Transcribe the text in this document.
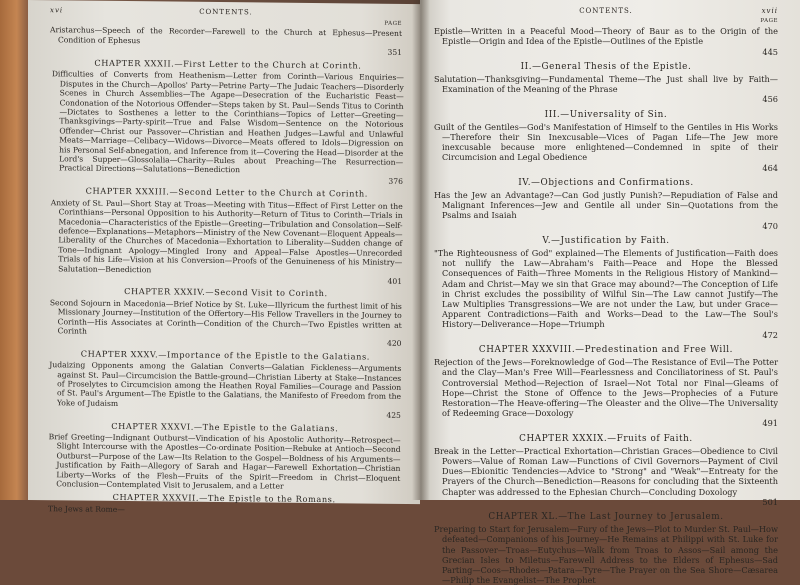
xvi	CONTENTS.
PAGE
Aristarchus—Speech of the Recorder—Farewell to the Church at Ephesus—Present Condition of Ephesus
351
CHAPTER XXXII.—First Letter to the Church at Corinth.
Difficulties of Converts from Heathenism—Letter from Corinth—Various Enquiries—Disputes in the Church—Apollos' Party—Petrine Party—The Judaic Teachers—Disorderly Scenes in Church Assemblies—The Agape—Desecration of the Eucharistic Feast—Condonation of the Notorious Offender—Steps taken by St. Paul—Sends Titus to Corinth—Dictates to Sosthenes a letter to the Corinthians—Topics of Letter—Greeting—Thanksgivings—Party-spirit—True and False Wisdom—Sentence on the Notorious Offender—Christ our Passover—Christian and Heathen Judges—Lawful and Unlawful Meats—Marriage—Celibacy—Widows—Divorce—Meats offered to Idols—Digression on his Personal Self-abnegation, and Inference from it—Covering the Head—Disorder at the Lord's Supper—Glossolalia—Charity—Rules about Preaching—The Resurrection—Practical Directions—Salutations—Benediction
376
CHAPTER XXXIII.—Second Letter to the Church at Corinth.
Anxiety of St. Paul—Short Stay at Troas—Meeting with Titus—Effect of First Letter on the Corinthians—Personal Opposition to his Authority—Return of Titus to Corinth—Trials in Macedonia—Characteristics of the Epistle—Greeting—Tribulation and Consolation—Self-defence—Explanations—Metaphors—Ministry of the New Covenant—Eloquent Appeals—Liberality of the Churches of Macedonia—Exhortation to Liberality—Sudden change of Tone—Indignant Apology—Mingled Irony and Appeal—False Apostles—Unrecorded Trials of his Life—Vision at his Conversion—Proofs of the Genuineness of his Ministry—Salutation—Benediction
401
CHAPTER XXXIV.—Second Visit to Corinth.
Second Sojourn in Macedonia—Brief Notice by St. Luke—Illyricum the furthest limit of his Missionary Journey—Institution of the Offertory—His Fellow Travellers in the Journey to Corinth—His Associates at Corinth—Condition of the Church—Two Epistles written at Corinth
420
CHAPTER XXXV.—Importance of the Epistle to the Galatians.
Judaizing Opponents among the Galatian Converts—Galatian Fickleness—Arguments against St. Paul—Circumcision the Battle-ground—Christian Liberty at Stake—Instances of Proselytes to Circumcision among the Heathen Royal Families—Courage and Passion of St. Paul's Argument—The Epistle to the Galatians, the Manifesto of Freedom from the Yoke of Judaism
425
CHAPTER XXXVI.—The Epistle to the Galatians.
Brief Greeting—Indignant Outburst—Vindication of his Apostolic Authority—Retrospect—Slight Intercourse with the Apostles—Co-ordinate Position—Rebuke at Antioch—Second Outburst—Purpose of the Law—Its Relation to the Gospel—Boldness of his Arguments—Justification by Faith—Allegory of Sarah and Hagar—Farewell Exhortation—Christian Liberty—Works of the Flesh—Fruits of the Spirit—Freedom in Christ—Eloquent Conclusion—Contemplated Visit to Jerusalem, and a Letter
CHAPTER XXXVII.—The Epistle to the Romans.
The Jews at Rome—
CONTENTS.	xvii
PAGE
Epistle—Written in a Peaceful Mood—Theory of Baur as to the Origin of the Epistle—Origin and Idea of the Epistle—Outlines of the Epistle
445
II.—General Thesis of the Epistle.
Salutation—Thanksgiving—Fundamental Theme—The Just shall live by Faith—Examination of the Meaning of the Phrase
456
III.—Universality of Sin.
Guilt of the Gentiles—God's Manifestation of Himself to the Gentiles in His Works—Therefore their Sin Inexcusable—Vices of Pagan Life—The Jew more inexcusable because more enlightened—Condemned in spite of their Circumcision and Legal Obedience
464
IV.—Objections and Confirmations.
Has the Jew an Advantage?—Can God justly Punish?—Repudiation of False and Malignant Inferences—Jew and Gentile all under Sin—Quotations from the Psalms and Isaiah
470
V.—Justification by Faith.
"The Righteousness of God" explained—The Elements of Justification—Faith does not nullify the Law—Abraham's Faith—Peace and Hope the Blessed Consequences of Faith—Three Moments in the Religious History of Mankind—Adam and Christ—May we sin that Grace may abound?—The Conception of Life in Christ excludes the possibility of Wilful Sin—The Law cannot Justify—The Law Multiplies Transgressions—We are not under the Law, but under Grace—Apparent Contradictions—Faith and Works—Dead to the Law—The Soul's History—Deliverance—Hope—Triumph
472
CHAPTER XXXVIII.—Predestination and Free Will.
Rejection of the Jews—Foreknowledge of God—The Resistance of Evil—The Potter and the Clay—Man's Free Will—Fearlessness and Conciliatoriness of St. Paul's Controversial Method—Rejection of Israel—Not Total nor Final—Gleams of Hope—Christ the Stone of Offence to the Jews—Prophecies of a Future Restoration—The Heave-offering—The Oleaster and the Olive—The Universality of Redeeming Grace—Doxology
491
CHAPTER XXXIX.—Fruits of Faith.
Break in the Letter—Practical Exhortation—Christian Graces—Obedience to Civil Powers—Value of Roman Law—Functions of Civil Governors—Payment of Civil Dues—Ebionitic Tendencies—Advice to "Strong" and "Weak"—Entreaty for the Prayers of the Church—Benediction—Reasons for concluding that the Sixteenth Chapter was addressed to the Ephesian Church—Concluding Doxology
501
CHAPTER XL.—The Last Journey to Jerusalem.
Preparing to Start for Jerusalem—Fury of the Jews—Plot to Murder St. Paul—How defeated—Companions of his Journey—He Remains at Philippi with St. Luke for the Passover—Troas—Eutychus—Walk from Troas to Assos—Sail among the Grecian Isles to Miletus—Farewell Address to the Elders of Ephesus—Sad Parting—Coos—Rhodes—Patara—Tyre—The Prayer on the Sea Shore—Cæsarea—Philip the Evangelist—The Prophet
